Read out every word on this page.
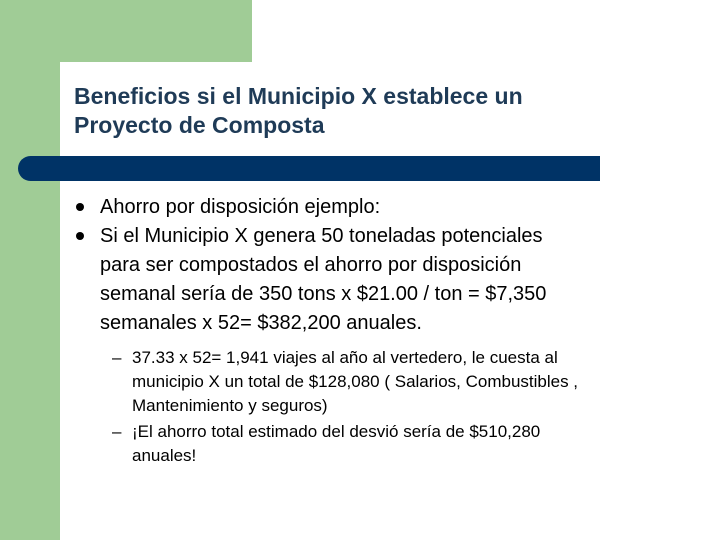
Beneficios si el Municipio X establece un
Proyecto de Composta
Ahorro por disposición ejemplo:
Si el Municipio X genera 50 toneladas potenciales
para ser compostados el ahorro por disposición
semanal sería de 350 tons x $21.00 / ton = $7,350
semanales x 52= $382,200 anuales.
– 37.33 x 52= 1,941 viajes al año al vertedero, le cuesta al
municipio X un total de $128,080 ( Salarios, Combustibles ,
Mantenimiento y seguros)
– ¡El ahorro total estimado del desvió sería de $510,280
anuales!
